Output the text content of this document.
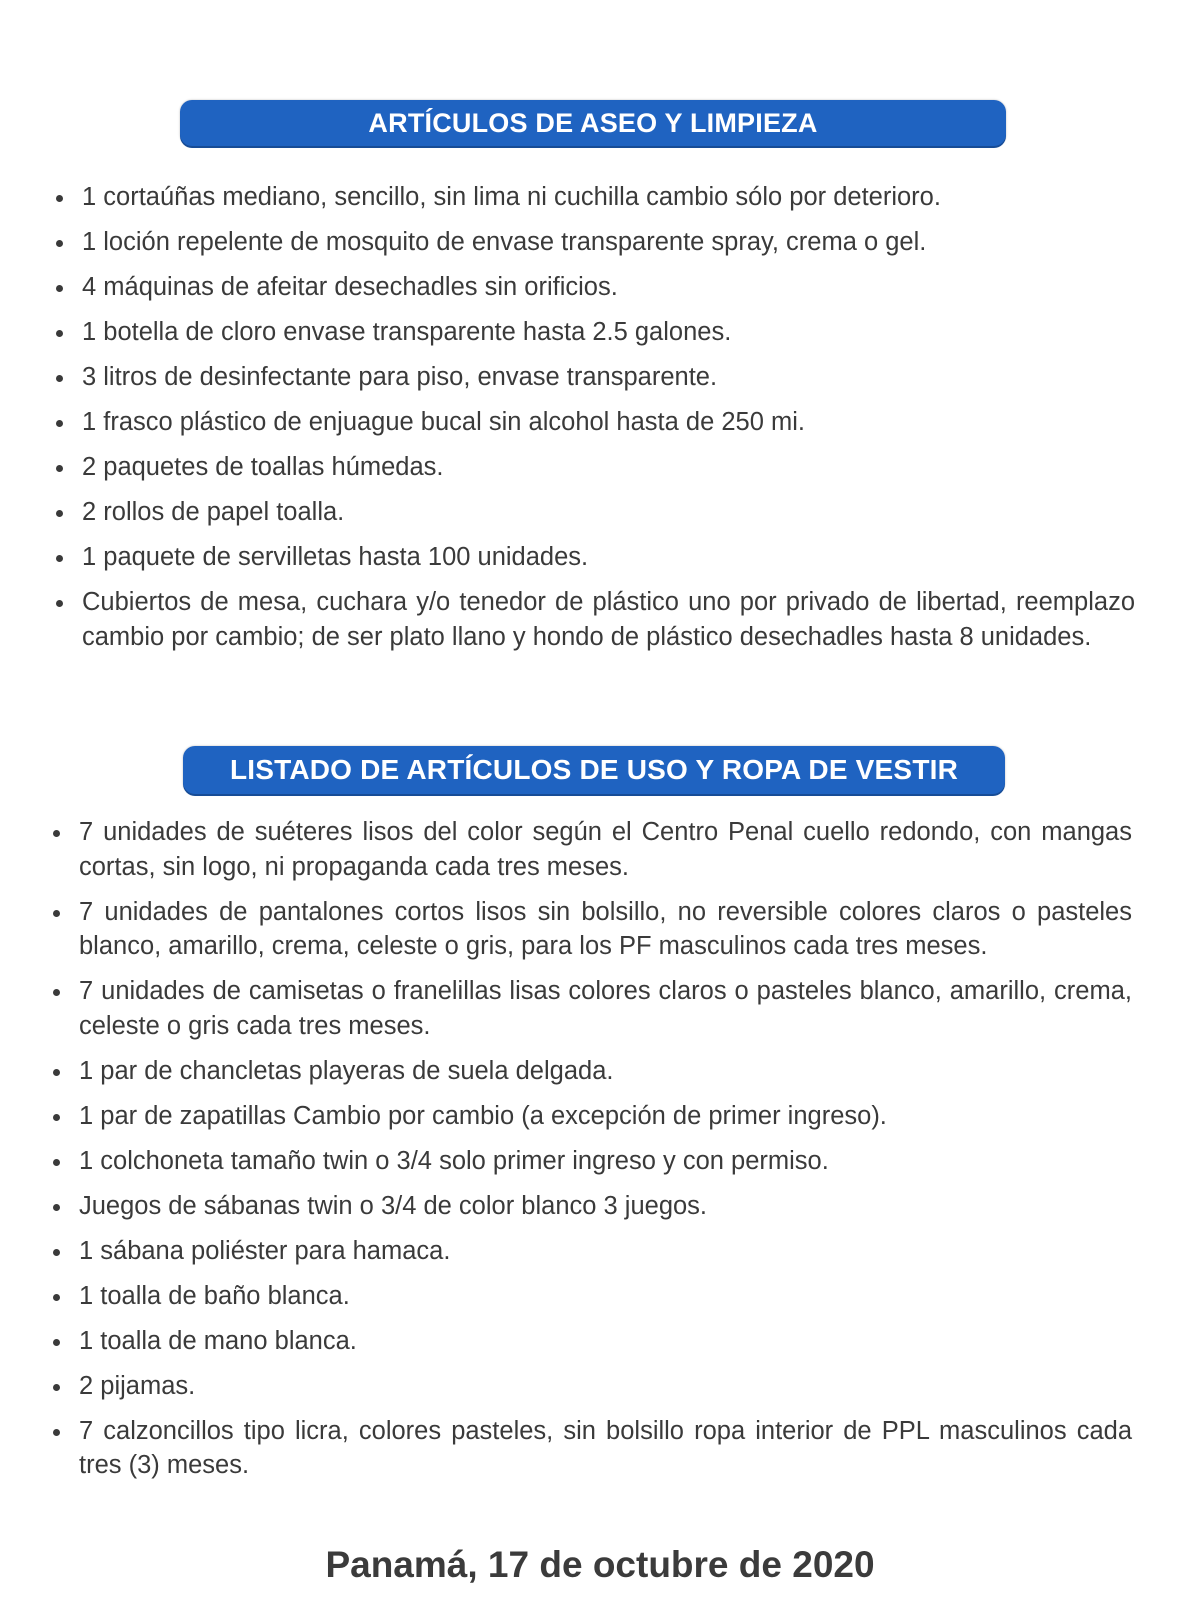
ARTÍCULOS DE ASEO Y LIMPIEZA
1 cortaúñas mediano, sencillo, sin lima ni cuchilla cambio sólo por deterioro.
1 loción repelente de mosquito de envase transparente spray, crema o gel.
4 máquinas de afeitar desechadles sin orificios.
1 botella de cloro envase transparente hasta 2.5 galones.
3 litros de desinfectante para piso, envase transparente.
1 frasco plástico de enjuague bucal sin alcohol hasta de 250 mi.
2 paquetes de toallas húmedas.
2 rollos de papel toalla.
1 paquete de servilletas hasta 100 unidades.
Cubiertos de mesa, cuchara y/o tenedor de plástico uno por privado de libertad, reemplazo cambio por cambio; de ser plato llano y hondo de plástico desechadles hasta 8 unidades.
LISTADO DE ARTÍCULOS DE USO Y ROPA DE VESTIR
7 unidades de suéteres lisos del color según el Centro Penal cuello redondo, con mangas cortas, sin logo, ni propaganda cada tres meses.
7 unidades de pantalones cortos lisos sin bolsillo, no reversible colores claros o pasteles blanco, amarillo, crema, celeste o gris, para los PF masculinos cada tres meses.
7 unidades de camisetas o franelillas lisas colores claros o pasteles blanco, amarillo, crema, celeste o gris cada tres meses.
1 par de chancletas playeras de suela delgada.
1 par de zapatillas Cambio por cambio (a excepción de primer ingreso).
1 colchoneta tamaño twin o 3/4 solo primer ingreso y con permiso.
Juegos de sábanas twin o 3/4 de color blanco 3 juegos.
1 sábana poliéster para hamaca.
1 toalla de baño blanca.
1 toalla de mano blanca.
2 pijamas.
7 calzoncillos tipo licra, colores pasteles, sin bolsillo ropa interior de PPL masculinos cada tres (3) meses.
Panamá, 17 de octubre de 2020
